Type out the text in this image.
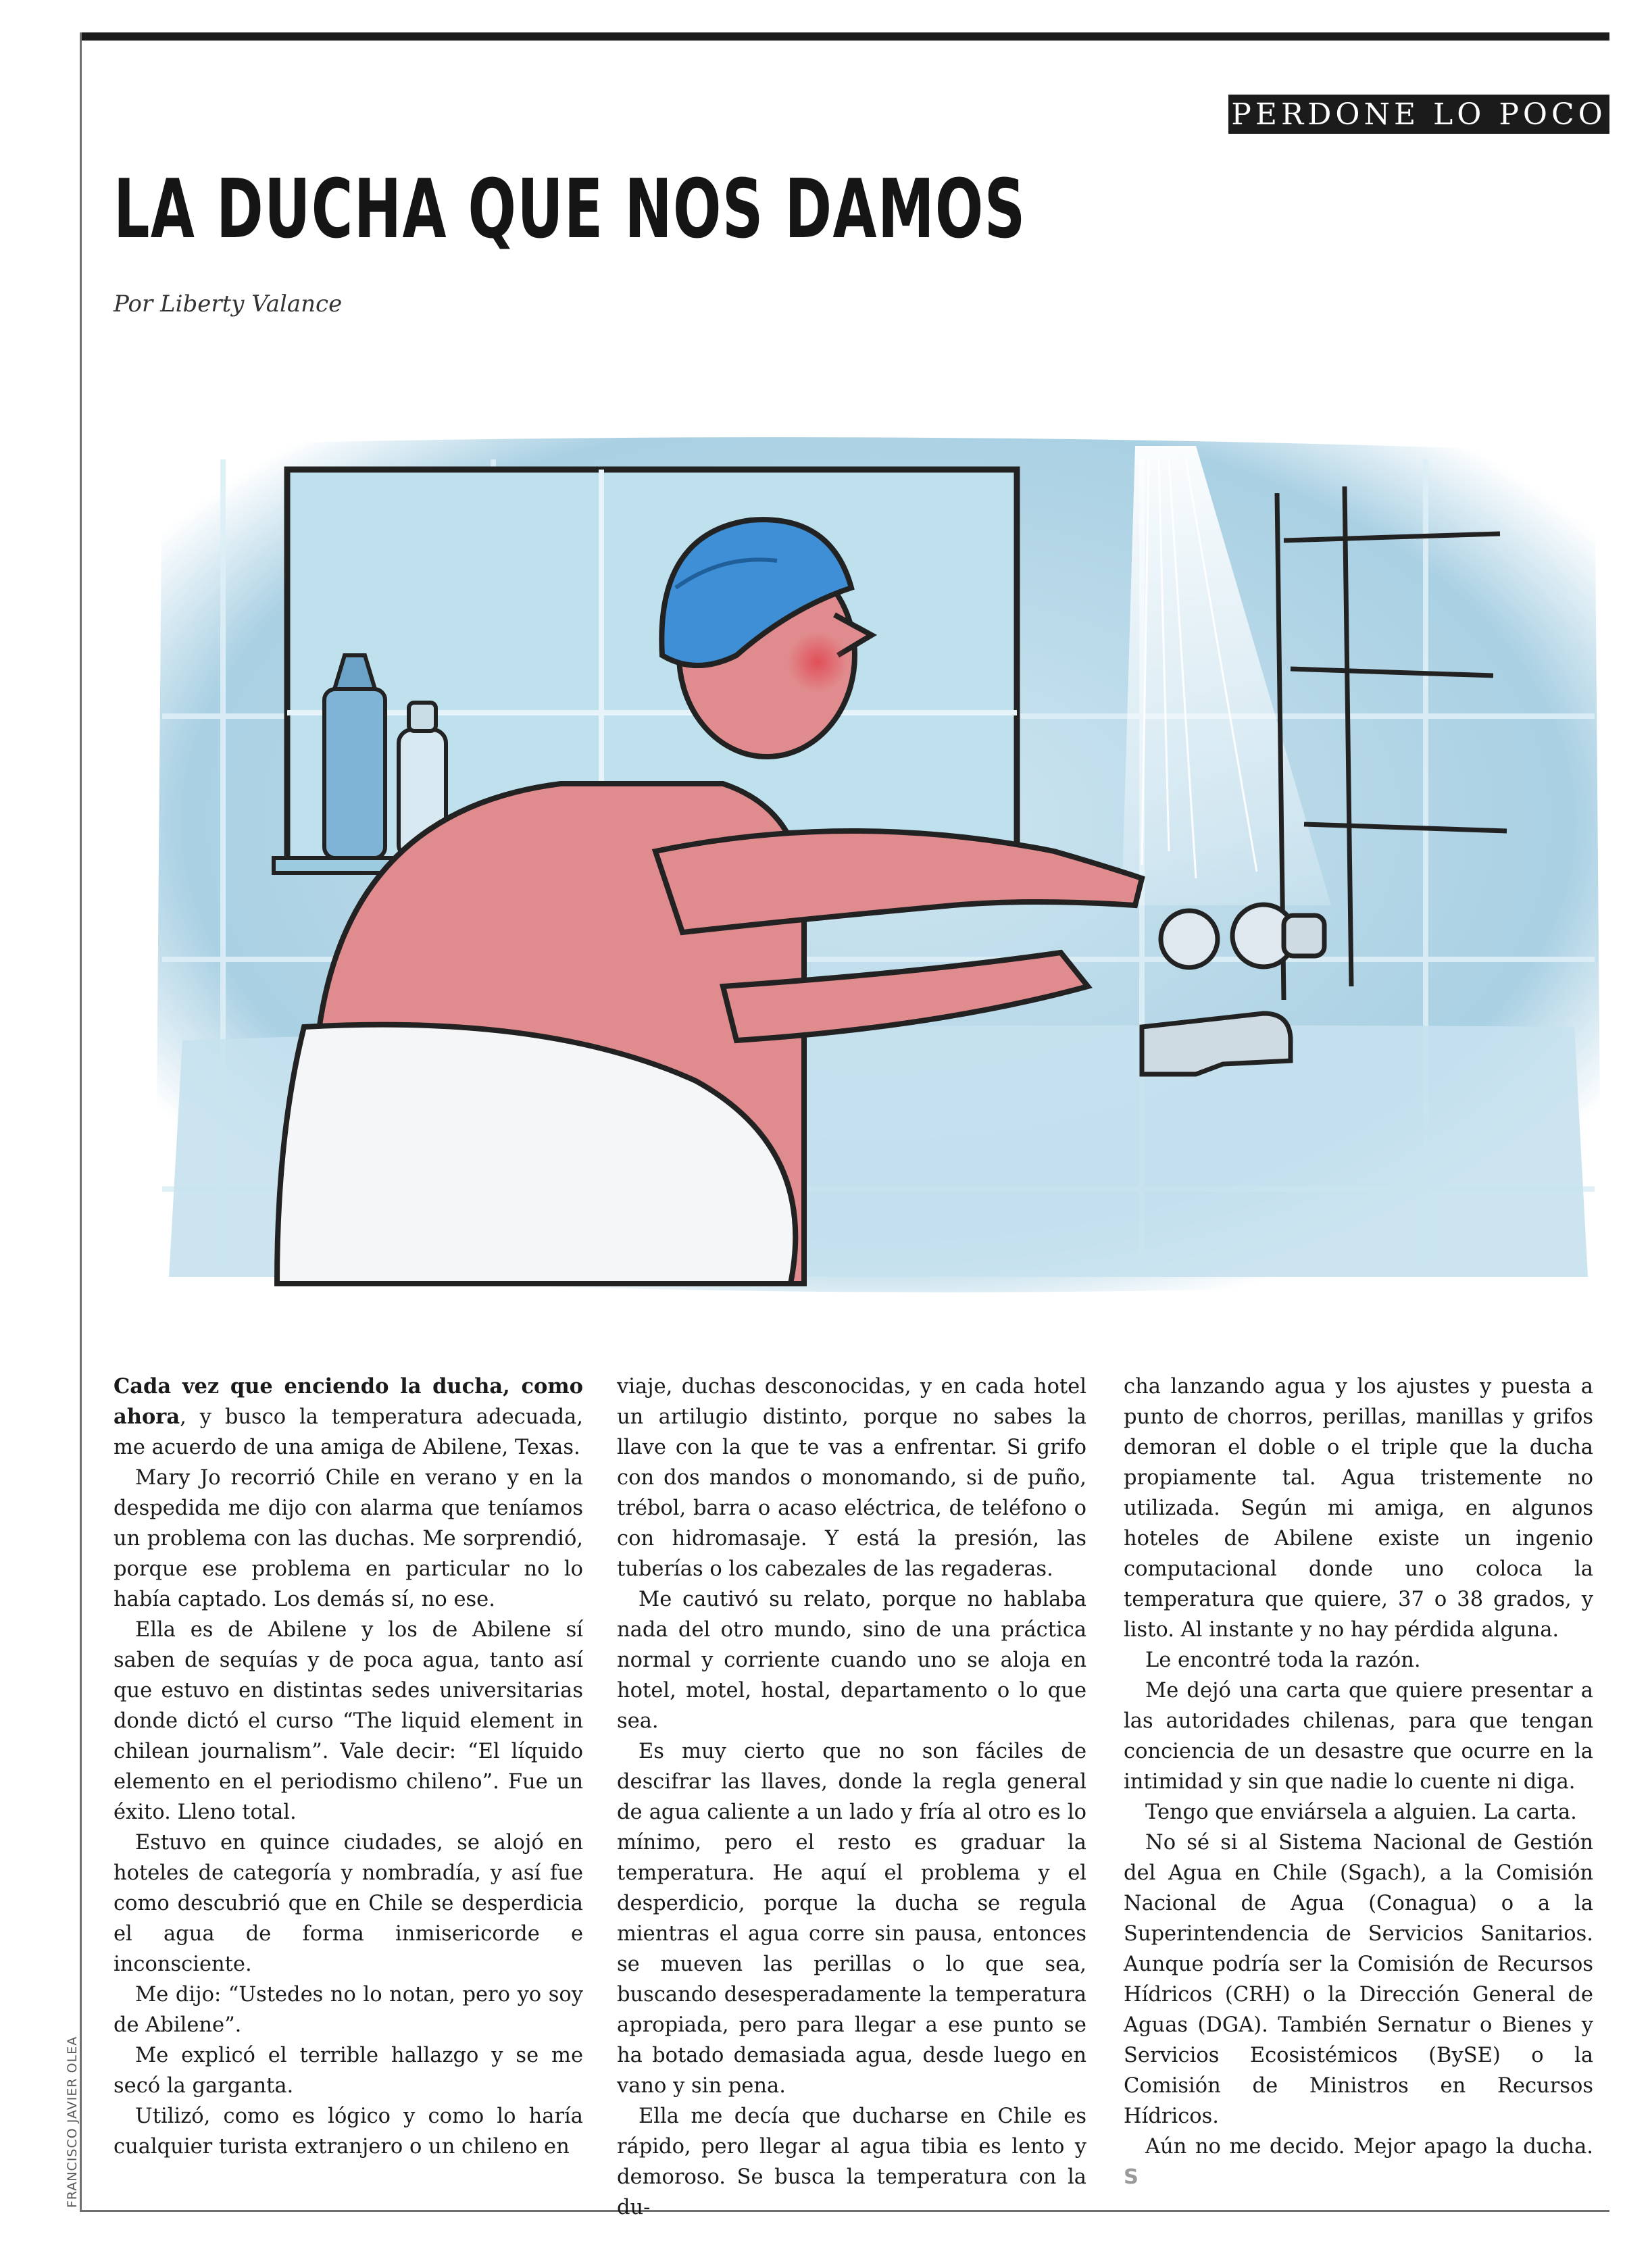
PERDONE LO POCO
LA DUCHA QUE NOS DAMOS
Por Liberty Valance

Cada vez que enciendo la ducha, como ahora, y busco la temperatura adecuada, me acuerdo de una amiga de Abilene, Texas.

Mary Jo recorrió Chile en verano y en la despedida me dijo con alarma que teníamos un problema con las duchas. Me sorprendió, porque ese problema en particular no lo había captado. Los demás sí, no ese.

Ella es de Abilene y los de Abilene sí saben de sequías y de poca agua, tanto así que estuvo en distintas sedes universitarias donde dictó el curso “The liquid element in chilean journalism”. Vale decir: “El líquido elemento en el periodismo chileno”. Fue un éxito. Lleno total.

Estuvo en quince ciudades, se alojó en hoteles de categoría y nombradía, y así fue como descubrió que en Chile se desperdicia el agua de forma inmisericorde e inconsciente.

Me dijo: “Ustedes no lo notan, pero yo soy de Abilene”.

Me explicó el terrible hallazgo y se me secó la garganta.

Utilizó, como es lógico y como lo haría cualquier turista extranjero o un chileno en

viaje, duchas desconocidas, y en cada hotel un artilugio distinto, porque no sabes la llave con la que te vas a enfrentar. Si grifo con dos mandos o monomando, si de puño, trébol, barra o acaso eléctrica, de teléfono o con hidromasaje. Y está la presión, las tuberías o los cabezales de las regaderas.

Me cautivó su relato, porque no hablaba nada del otro mundo, sino de una práctica normal y corriente cuando uno se aloja en hotel, motel, hostal, departamento o lo que sea.

Es muy cierto que no son fáciles de descifrar las llaves, donde la regla general de agua caliente a un lado y fría al otro es lo mínimo, pero el resto es graduar la temperatura. He aquí el problema y el desperdicio, porque la ducha se regula mientras el agua corre sin pausa, entonces se mueven las perillas o lo que sea, buscando desesperadamente la temperatura apropiada, pero para llegar a ese punto se ha botado demasiada agua, desde luego en vano y sin pena.

Ella me decía que ducharse en Chile es rápido, pero llegar al agua tibia es lento y demoroso. Se busca la temperatura con la du-

cha lanzando agua y los ajustes y puesta a punto de chorros, perillas, manillas y grifos demoran el doble o el triple que la ducha propiamente tal. Agua tristemente no utilizada. Según mi amiga, en algunos hoteles de Abilene existe un ingenio computacional donde uno coloca la temperatura que quiere, 37 o 38 grados, y listo. Al instante y no hay pérdida alguna.

Le encontré toda la razón.

Me dejó una carta que quiere presentar a las autoridades chilenas, para que tengan conciencia de un desastre que ocurre en la intimidad y sin que nadie lo cuente ni diga.

Tengo que enviársela a alguien. La carta.

No sé si al Sistema Nacional de Gestión del Agua en Chile (Sgach), a la Comisión Nacional de Agua (Conagua) o a la Superintendencia de Servicios Sanitarios. Aunque podría ser la Comisión de Recursos Hídricos (CRH) o la Dirección General de Aguas (DGA). También Sernatur o Bienes y Servicios Ecosistémicos (BySE) o la Comisión de Ministros en Recursos Hídricos.

Aún no me decido. Mejor apago la ducha. S

FRANCISCO JAVIER OLEA
